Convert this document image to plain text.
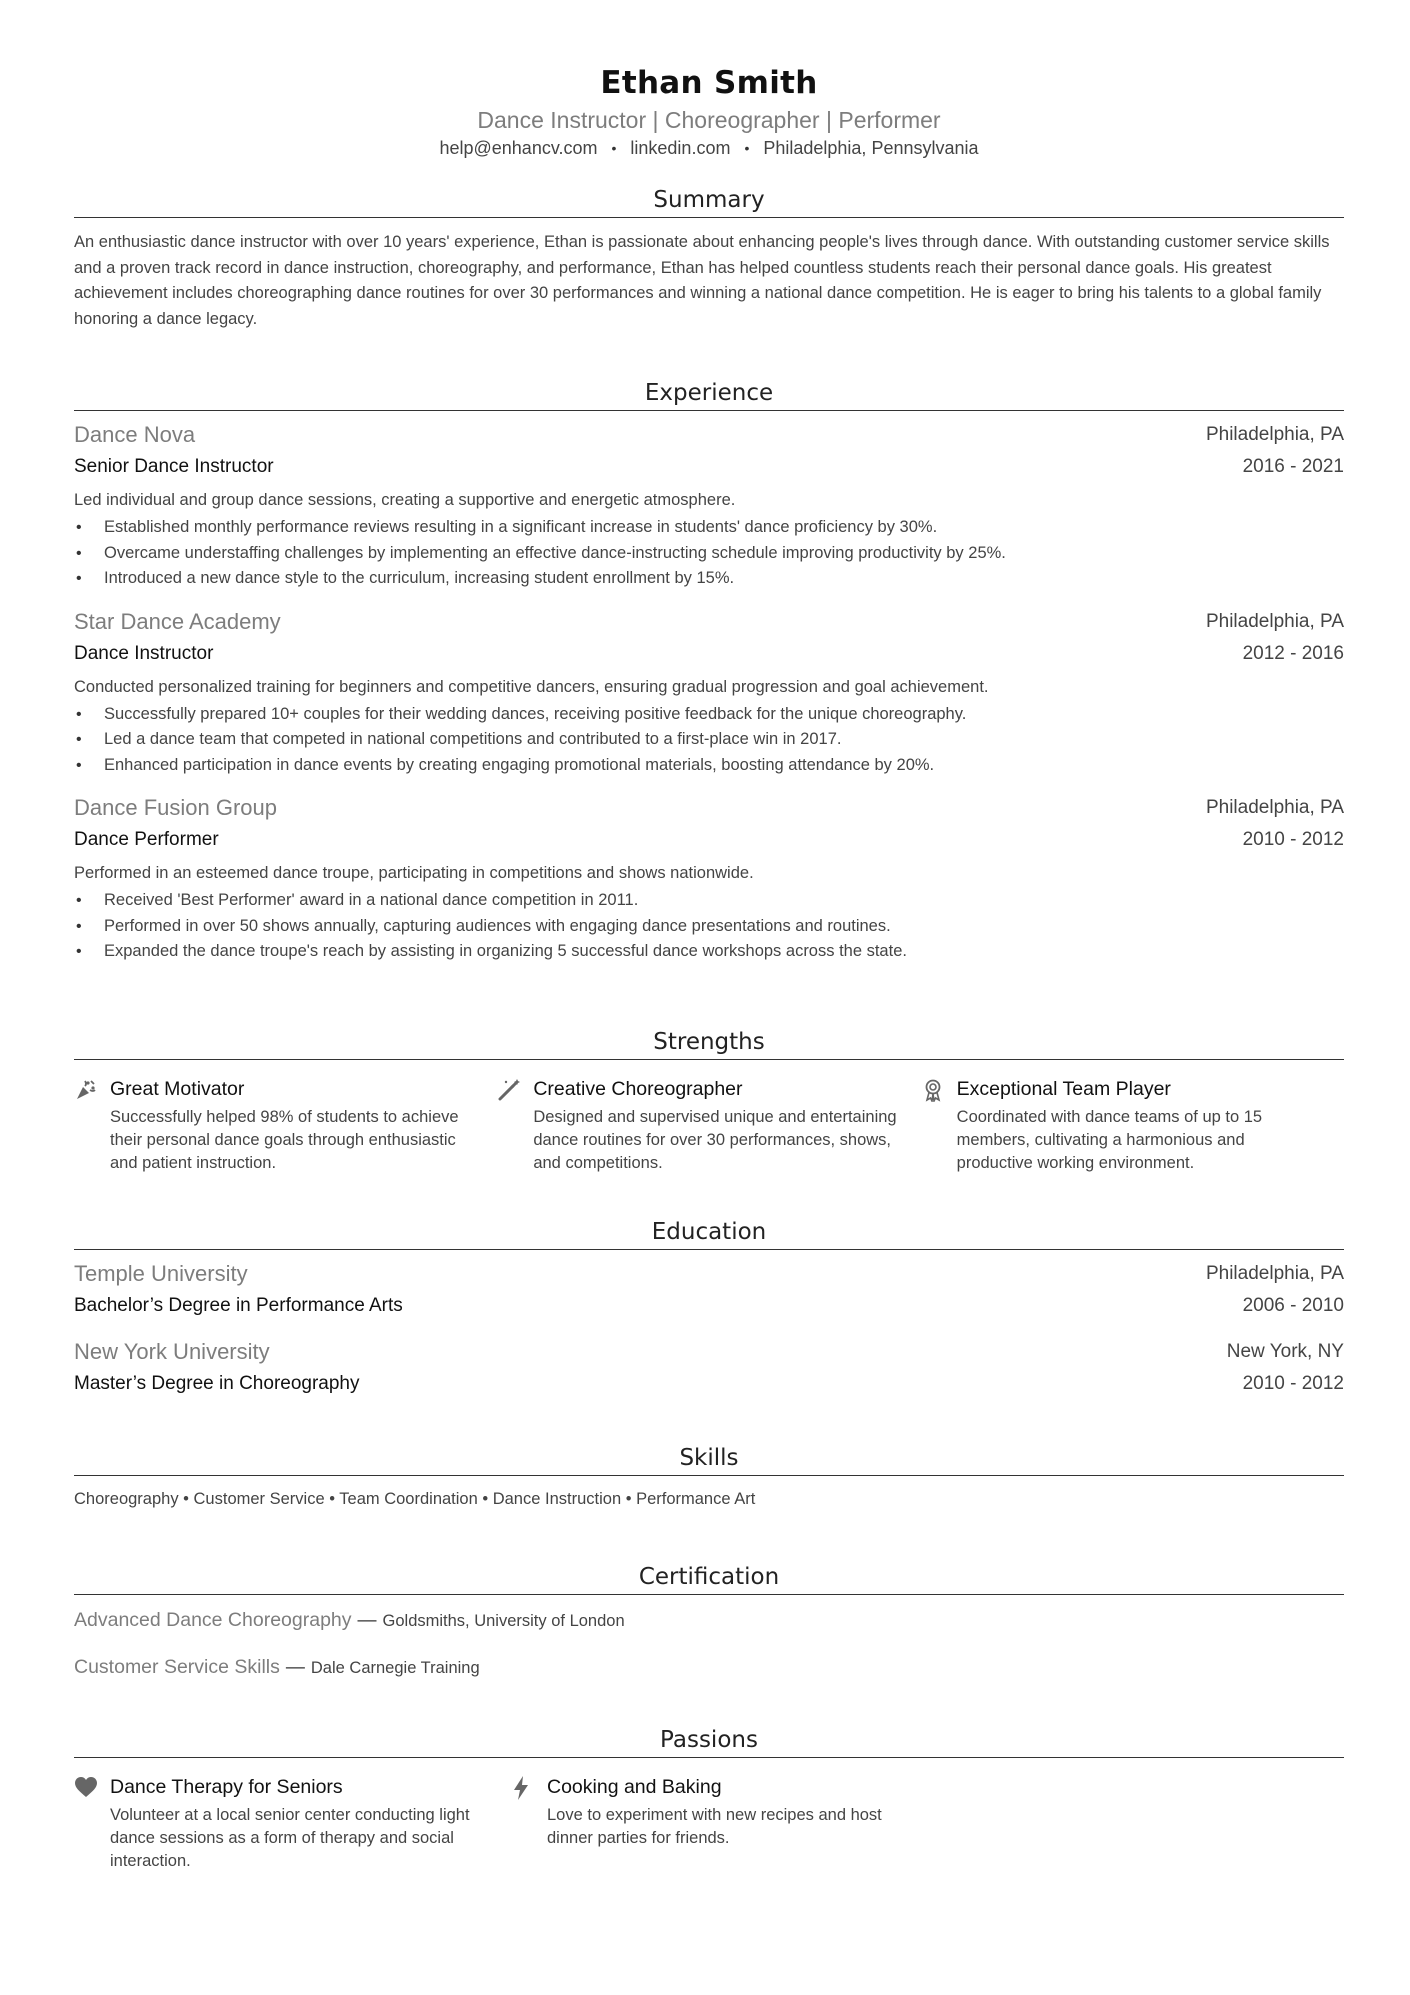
Ethan Smith
Dance Instructor | Choreographer | Performer
help@enhancv.com • linkedin.com • Philadelphia, Pennsylvania
Summary
An enthusiastic dance instructor with over 10 years' experience, Ethan is passionate about enhancing people's lives through dance. With outstanding customer service skills and a proven track record in dance instruction, choreography, and performance, Ethan has helped countless students reach their personal dance goals. His greatest achievement includes choreographing dance routines for over 30 performances and winning a national dance competition. He is eager to bring his talents to a global family honoring a dance legacy.
Experience
Dance Nova	Philadelphia, PA
Senior Dance Instructor	2016 - 2021
Led individual and group dance sessions, creating a supportive and energetic atmosphere.
• Established monthly performance reviews resulting in a significant increase in students' dance proficiency by 30%.
• Overcame understaffing challenges by implementing an effective dance-instructing schedule improving productivity by 25%.
• Introduced a new dance style to the curriculum, increasing student enrollment by 15%.
Star Dance Academy	Philadelphia, PA
Dance Instructor	2012 - 2016
Conducted personalized training for beginners and competitive dancers, ensuring gradual progression and goal achievement.
• Successfully prepared 10+ couples for their wedding dances, receiving positive feedback for the unique choreography.
• Led a dance team that competed in national competitions and contributed to a first-place win in 2017.
• Enhanced participation in dance events by creating engaging promotional materials, boosting attendance by 20%.
Dance Fusion Group	Philadelphia, PA
Dance Performer	2010 - 2012
Performed in an esteemed dance troupe, participating in competitions and shows nationwide.
• Received 'Best Performer' award in a national dance competition in 2011.
• Performed in over 50 shows annually, capturing audiences with engaging dance presentations and routines.
• Expanded the dance troupe's reach by assisting in organizing 5 successful dance workshops across the state.
Strengths
Great Motivator
Successfully helped 98% of students to achieve their personal dance goals through enthusiastic and patient instruction.
Creative Choreographer
Designed and supervised unique and entertaining dance routines for over 30 performances, shows, and competitions.
Exceptional Team Player
Coordinated with dance teams of up to 15 members, cultivating a harmonious and productive working environment.
Education
Temple University	Philadelphia, PA
Bachelor’s Degree in Performance Arts	2006 - 2010
New York University	New York, NY
Master’s Degree in Choreography	2010 - 2012
Skills
Choreography • Customer Service • Team Coordination • Dance Instruction • Performance Art
Certification
Advanced Dance Choreography — Goldsmiths, University of London
Customer Service Skills — Dale Carnegie Training
Passions
Dance Therapy for Seniors
Volunteer at a local senior center conducting light dance sessions as a form of therapy and social interaction.
Cooking and Baking
Love to experiment with new recipes and host dinner parties for friends.
